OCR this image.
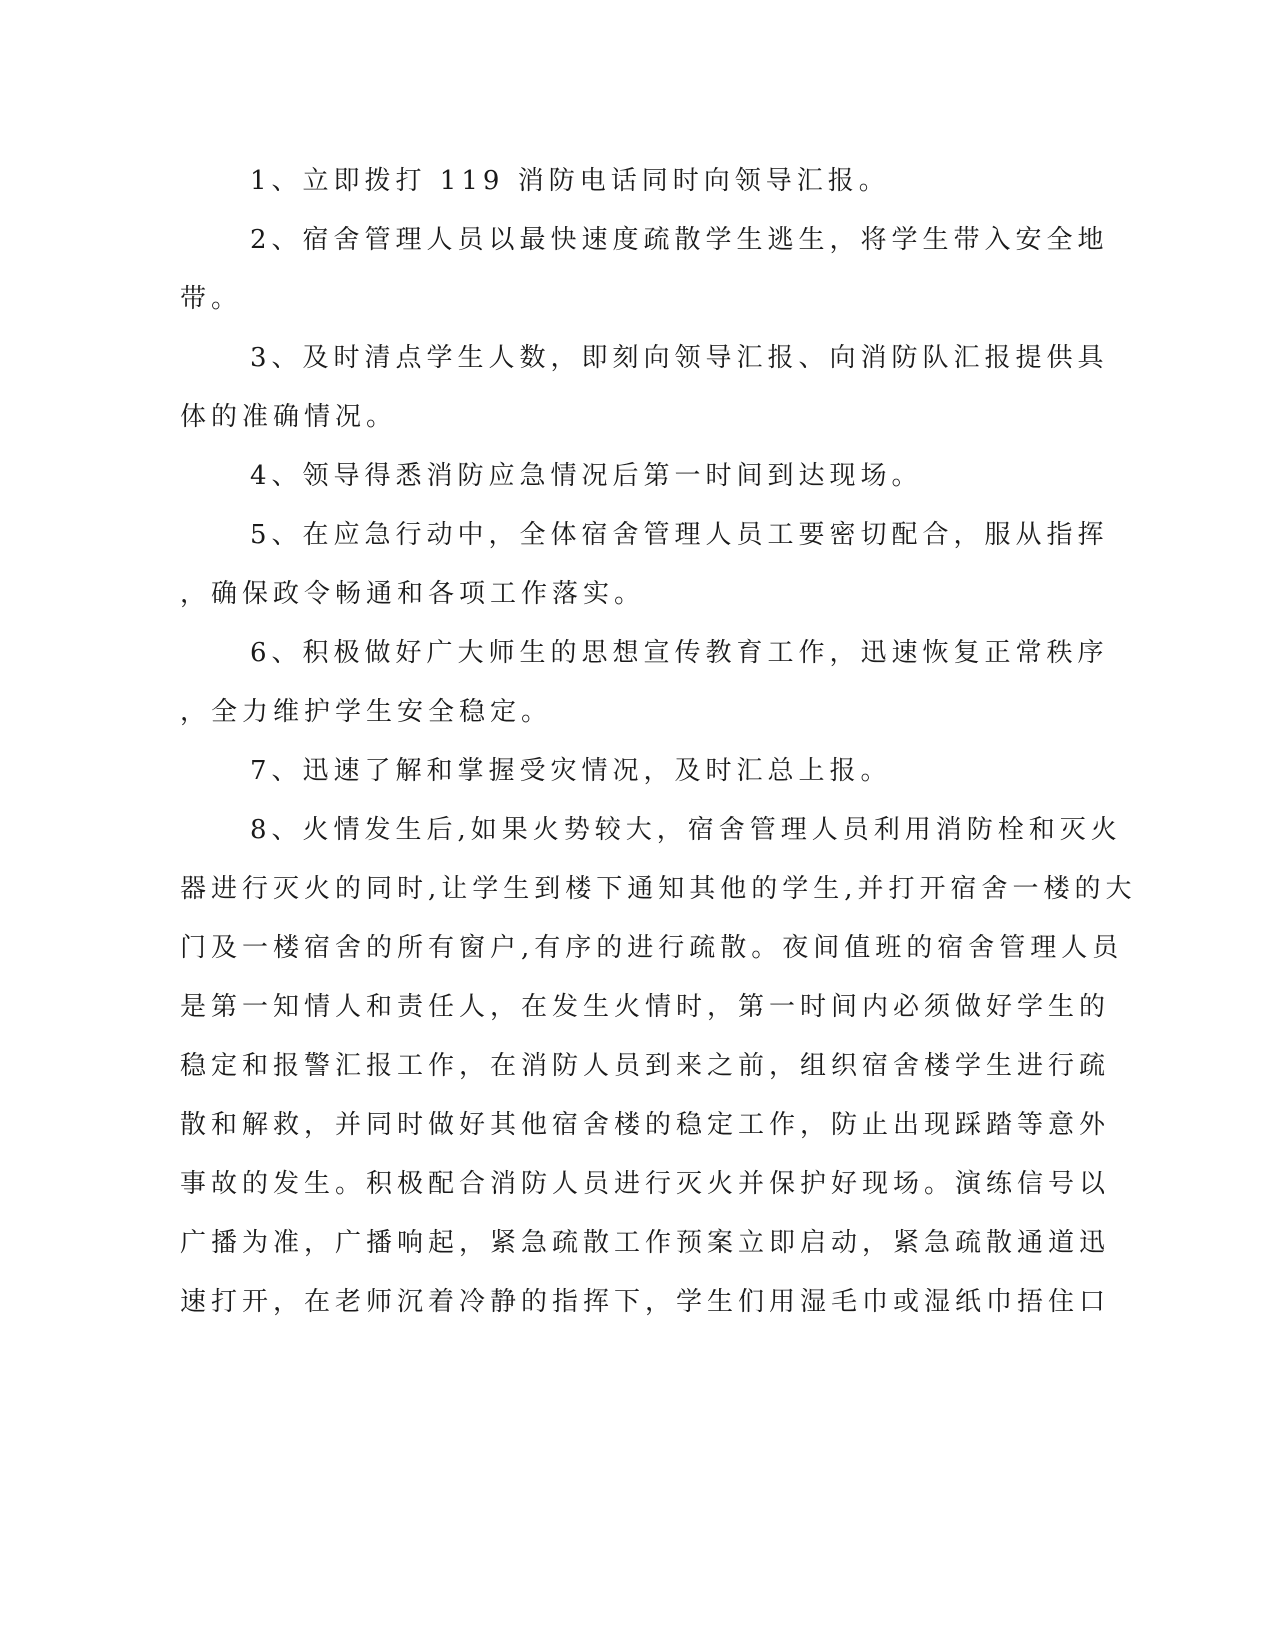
1、立即拨打 119 消防电话同时向领导汇报。
2、宿舍管理人员以最快速度疏散学生逃生，将学生带入安全地
带。
3、及时清点学生人数，即刻向领导汇报、向消防队汇报提供具
体的准确情况。
4、领导得悉消防应急情况后第一时间到达现场。
5、在应急行动中，全体宿舍管理人员工要密切配合，服从指挥
，确保政令畅通和各项工作落实。
6、积极做好广大师生的思想宣传教育工作，迅速恢复正常秩序
，全力维护学生安全稳定。
7、迅速了解和掌握受灾情况，及时汇总上报。
8、火情发生后,如果火势较大，宿舍管理人员利用消防栓和灭火
器进行灭火的同时,让学生到楼下通知其他的学生,并打开宿舍一楼的大
门及一楼宿舍的所有窗户,有序的进行疏散。夜间值班的宿舍管理人员
是第一知情人和责任人，在发生火情时，第一时间内必须做好学生的
稳定和报警汇报工作，在消防人员到来之前，组织宿舍楼学生进行疏
散和解救，并同时做好其他宿舍楼的稳定工作，防止出现踩踏等意外
事故的发生。积极配合消防人员进行灭火并保护好现场。演练信号以
广播为准，广播响起，紧急疏散工作预案立即启动，紧急疏散通道迅
速打开，在老师沉着冷静的指挥下，学生们用湿毛巾或湿纸巾捂住口
